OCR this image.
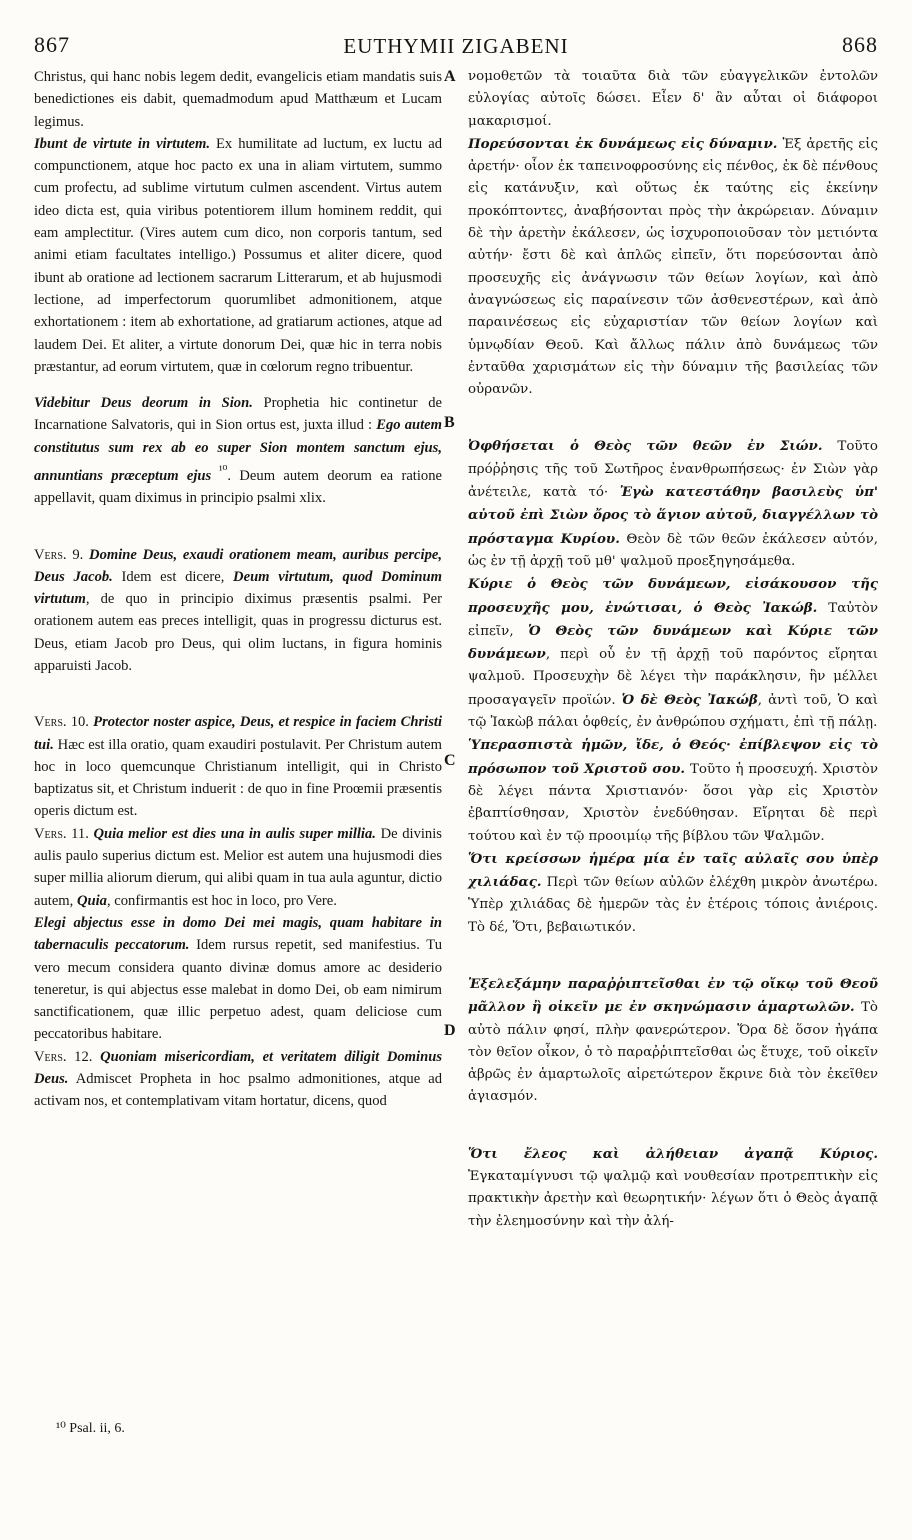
867	EUTHYMII ZIGABENI	868

Christus, qui hanc nobis legem dedit, evangelicis etiam mandatis suis benedictiones eis dabit, quemadmodum apud Matthæum et Lucam legimus.

Ibunt de virtute in virtutem. Ex humilitate ad luctum, ex luctu ad compunctionem, atque hoc pacto ex una in aliam virtutem, summo cum profectu, ad sublime virtutum culmen ascendent. Virtus autem ideo dicta est, quia viribus potentiorem illum hominem reddit, qui eam amplectitur. (Vires autem cum dico, non corporis tantum, sed animi etiam facultates intelligo.) Possumus et aliter dicere, quod ibunt ab oratione ad lectionem sacrarum Litterarum, et ab hujusmodi lectione, ad imperfectorum quorumlibet admonitionem, atque exhortationem : item ab exhortatione, ad gratiarum actiones, atque ad laudem Dei. Et aliter, a virtute donorum Dei, quæ hic in terra nobis præstantur, ad eorum virtutem, quæ in cœlorum regno tribuentur.

Videbitur Deus deorum in Sion. Prophetia hic continetur de Incarnatione Salvatoris, qui in Sion ortus est, juxta illud : Ego autem constitutus sum rex ab eo super Sion montem sanctum ejus, annuntians præceptum ejus $^{^{10}}$. Deum autem deorum ea ratione appellavit, quam diximus in principio psalmi xlix.

Vers. 9. Domine Deus, exaudi orationem meam, auribus percipe, Deus Jacob. Idem est dicere, Deum virtutum, quod Dominum virtutum, de quo in principio diximus præsentis psalmi. Per orationem autem eas preces intelligit, quas in progressu dicturus est. Deus, etiam Jacob pro Deus, qui olim luctans, in figura hominis apparuisti Jacob.

Vers. 10. Protector noster aspice, Deus, et respice in faciem Christi tui. Hæc est illa oratio, quam exaudiri postulavit. Per Christum autem hoc in loco quemcunque Christianum intelligit, qui in Christo baptizatus sit, et Christum induerit : de quo in fine Proœmii præsentis operis dictum est.

Vers. 11. Quia melior est dies una in aulis super millia. De divinis aulis paulo superius dictum est. Melior est autem una hujusmodi dies super millia aliorum dierum, qui alibi quam in tua aula aguntur, dictio autem, Quia, confirmantis est hoc in loco, pro Vere.

Elegi abjectus esse in domo Dei mei magis, quam habitare in tabernaculis peccatorum. Idem rursus repetit, sed manifestius. Tu vero mecum considera quanto divinæ domus amore ac desiderio teneretur, is qui abjectus esse malebat in domo Dei, ob eam nimirum sanctificationem, quæ illic perpetuo adest, quam deliciose cum peccatoribus habitare.

Vers. 12. Quoniam misericordiam, et veritatem diligit Dominus Deus. Admiscet Propheta in hoc psalmo admonitiones, atque ad activam nos, et contemplativam vitam hortatur, dicens, quod

A
B
C
D

νομοθετῶν τὰ τοιαῦτα διὰ τῶν εὐαγγελικῶν ἐντολῶν εὐλογίας αὐτοῖς δώσει. Εἶεν δ' ἂν αὗται οἱ διάφοροι μακαρισμοί.

Πορεύσονται ἐκ δυνάμεως εἰς δύναμιν. Ἐξ ἀρετῆς εἰς ἀρετήν· οἷον ἐκ ταπεινοφροσύνης εἰς πένθος, ἐκ δὲ πένθους εἰς κατάνυξιν, καὶ οὕτως ἐκ ταύτης εἰς ἐκείνην προκόπτοντες, ἀναβήσονται πρὸς τὴν ἀκρώρειαν. Δύναμιν δὲ τὴν ἀρετὴν ἐκάλεσεν, ὡς ἰσχυροποιοῦσαν τὸν μετιόντα αὐτήν· ἔστι δὲ καὶ ἁπλῶς εἰπεῖν, ὅτι πορεύσονται ἀπὸ προσευχῆς εἰς ἀνάγνωσιν τῶν θείων λογίων, καὶ ἀπὸ ἀναγνώσεως εἰς παραίνεσιν τῶν ἀσθενεστέρων, καὶ ἀπὸ παραινέσεως εἰς εὐχαριστίαν τῶν θείων λογίων καὶ ὑμνῳδίαν Θεοῦ. Καὶ ἄλλως πάλιν ἀπὸ δυνάμεως τῶν ἐνταῦθα χαρισμάτων εἰς τὴν δύναμιν τῆς βασιλείας τῶν οὐρανῶν.

Ὀφθήσεται ὁ Θεὸς τῶν θεῶν ἐν Σιών. Τοῦτο πρόῤῥησις τῆς τοῦ Σωτῆρος ἐνανθρωπήσεως· ἐν Σιὼν γὰρ ἀνέτειλε, κατὰ τό· Ἐγὼ κατεστάθην βασιλεὺς ὑπ' αὐτοῦ ἐπὶ Σιὼν ὄρος τὸ ἅγιον αὐτοῦ, διαγγέλλων τὸ πρόσταγμα Κυρίου. Θεὸν δὲ τῶν θεῶν ἐκάλεσεν αὐτόν, ὡς ἐν τῇ ἀρχῇ τοῦ μθ' ψαλμοῦ προεξηγησάμεθα.

Κύριε ὁ Θεὸς τῶν δυνάμεων, εἰσάκουσον τῆς προσευχῆς μου, ἐνώτισαι, ὁ Θεὸς Ἰακώβ. Ταὐτὸν εἰπεῖν, Ὁ Θεὸς τῶν δυνάμεων καὶ Κύριε τῶν δυνάμεων, περὶ οὗ ἐν τῇ ἀρχῇ τοῦ παρόντος εἴρηται ψαλμοῦ. Προσευχὴν δὲ λέγει τὴν παράκλησιν, ἣν μέλλει προσαγαγεῖν προϊών. Ὁ δὲ Θεὸς Ἰακώβ, ἀντὶ τοῦ, Ὁ καὶ τῷ Ἰακὼβ πάλαι ὀφθείς, ἐν ἀνθρώπου σχήματι, ἐπὶ τῇ πάλῃ.

Ὑπερασπιστὰ ἡμῶν, ἴδε, ὁ Θεός· ἐπίβλεψον εἰς τὸ πρόσωπον τοῦ Χριστοῦ σου. Τοῦτο ἡ προσευχή. Χριστὸν δὲ λέγει πάντα Χριστιανόν· ὅσοι γὰρ εἰς Χριστὸν ἐβαπτίσθησαν, Χριστὸν ἐνεδύθησαν. Εἴρηται δὲ περὶ τούτου καὶ ἐν τῷ προοιμίῳ τῆς βίβλου τῶν Ψαλμῶν.

Ὅτι κρείσσων ἡμέρα μία ἐν ταῖς αὐλαῖς σου ὑπὲρ χιλιάδας. Περὶ τῶν θείων αὐλῶν ἐλέχθη μικρὸν ἀνωτέρω. Ὑπὲρ χιλιάδας δὲ ἡμερῶν τὰς ἐν ἑτέροις τόποις ἀνιέροις. Τὸ δέ, Ὅτι, βεβαιωτικόν.

Ἐξελεξάμην παραῤῥιπτεῖσθαι ἐν τῷ οἴκῳ τοῦ Θεοῦ μᾶλλον ἢ οἰκεῖν με ἐν σκηνώμασιν ἁμαρτωλῶν. Τὸ αὐτὸ πάλιν φησί, πλὴν φανερώτερον. Ὅρα δὲ ὅσον ἠγάπα τὸν θεῖον οἶκον, ὁ τὸ παραῤῥιπτεῖσθαι ὡς ἔτυχε, τοῦ οἰκεῖν ἁβρῶς ἐν ἁμαρτωλοῖς αἱρετώτερον ἔκρινε διὰ τὸν ἐκεῖθεν ἁγιασμόν.

Ὅτι ἔλεος καὶ ἀλήθειαν ἀγαπᾷ Κύριος. Ἐγκαταμίγνυσι τῷ ψαλμῷ καὶ νουθεσίαν προτρεπτικὴν εἰς πρακτικὴν ἀρετὴν καὶ θεωρητικήν· λέγων ὅτι ὁ Θεὸς ἀγαπᾷ τὴν ἐλεημοσύνην καὶ τὴν ἀλή-

¹⁰ Psal. ii, 6.
